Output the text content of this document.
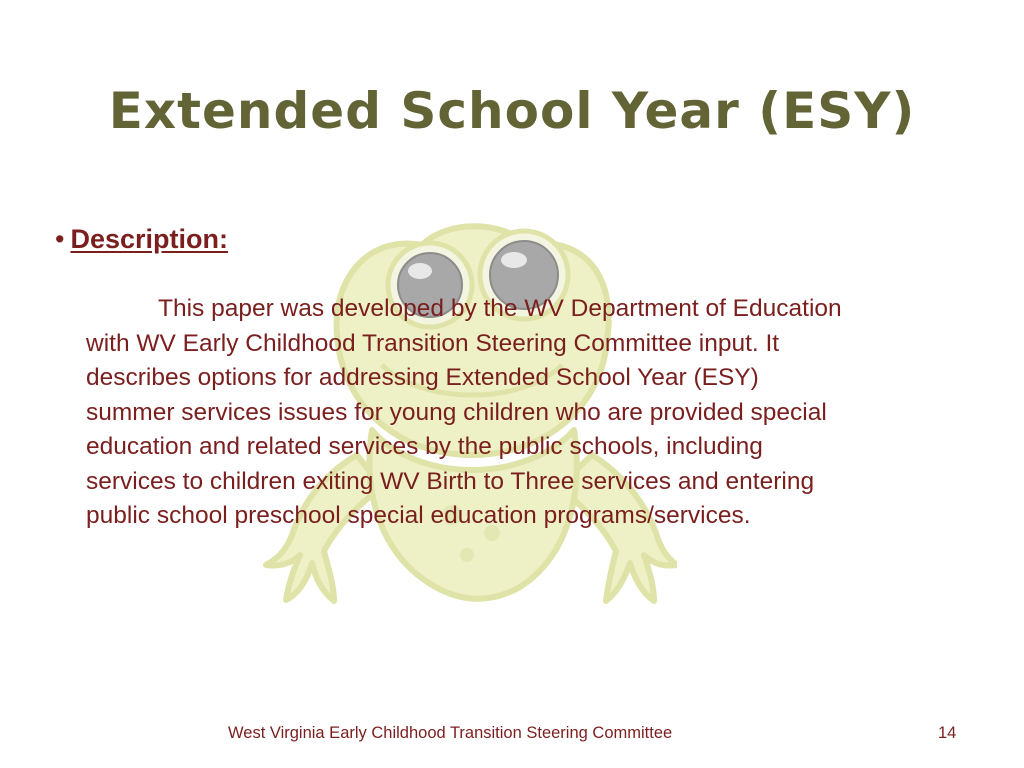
Extended School Year (ESY)
• Description:
This paper was developed by the WV Department of Education
with WV Early Childhood Transition Steering Committee input. It
describes options for addressing Extended School Year (ESY)
summer services issues for young children who are provided special
education and related services by the public schools, including
services to children exiting WV Birth to Three services and entering
public school preschool special education programs/services.
West Virginia Early Childhood Transition Steering Committee	14
